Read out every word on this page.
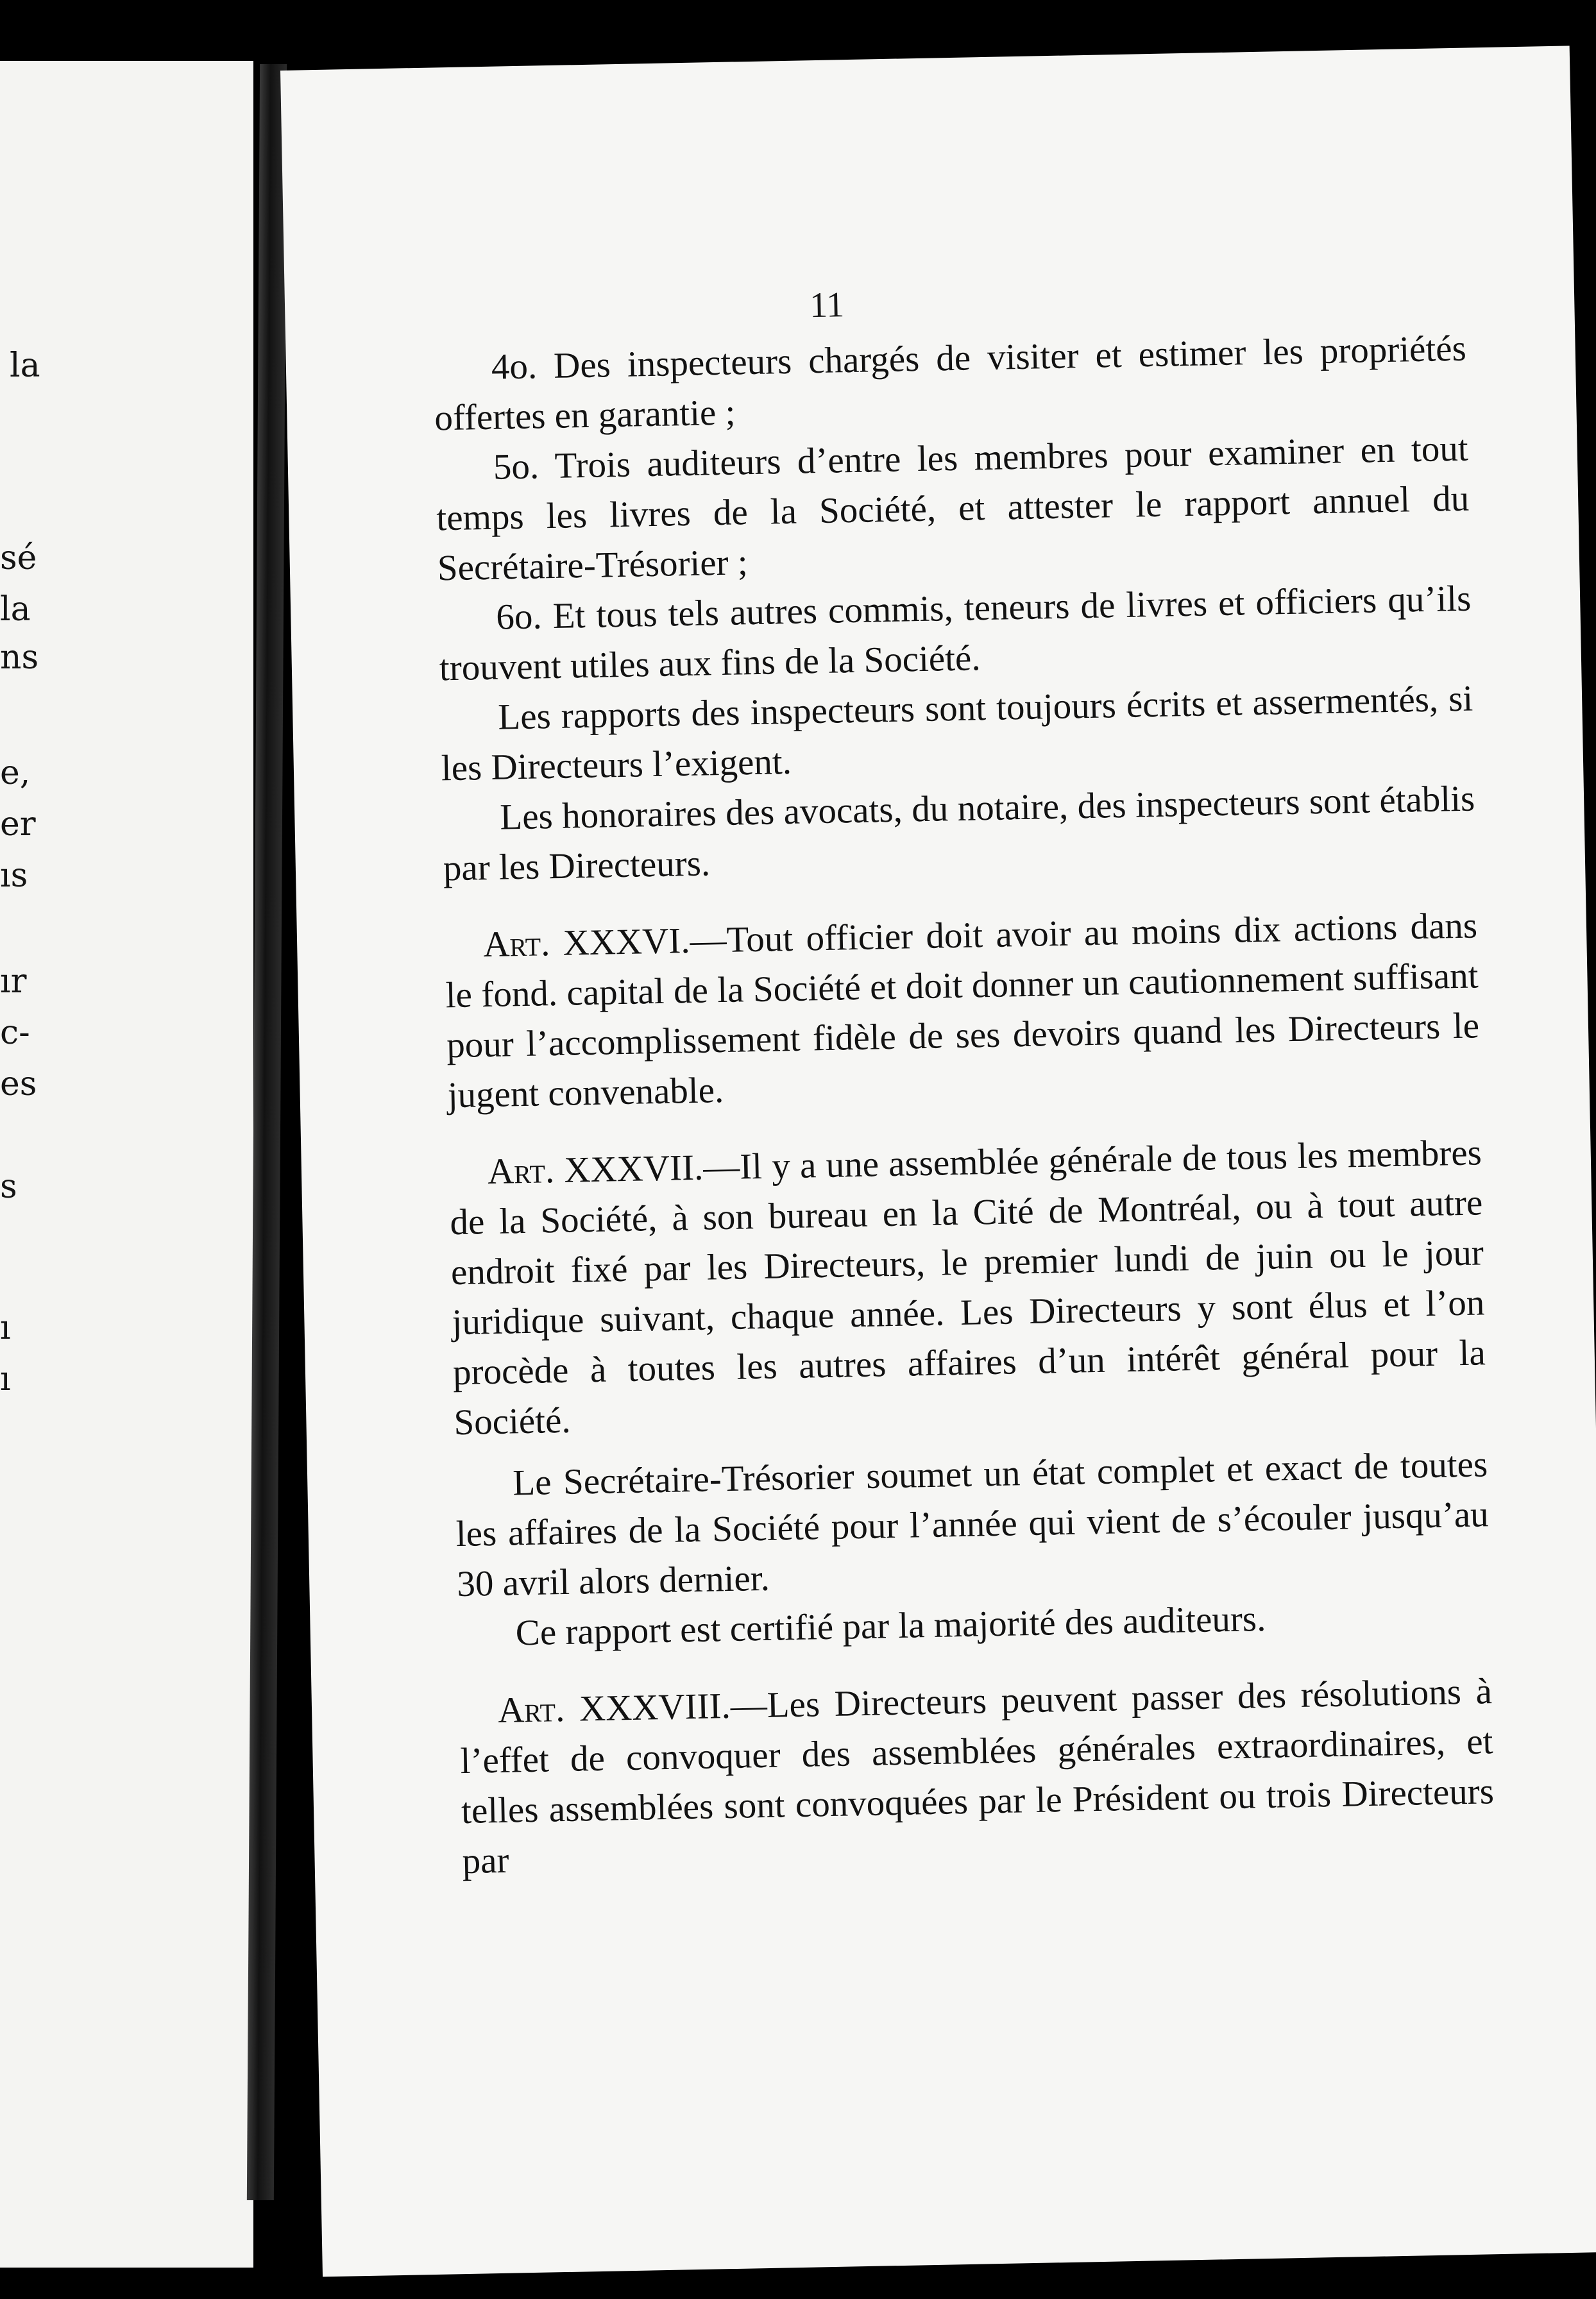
la
sé
la
ns
e,
er
ıs
ır
c-
es
s
ı
ı
11

4o. Des inspecteurs chargés de visiter et estimer les propriétés offertes en garantie ;

5o. Trois auditeurs d’entre les membres pour examiner en tout temps les livres de la Société, et attester le rapport annuel du Secrétaire-Trésorier ;

6o. Et tous tels autres commis, teneurs de livres et officiers qu’ils trouvent utiles aux fins de la Société.

Les rapports des inspecteurs sont toujours écrits et assermentés, si les Directeurs l’exigent.

Les honoraires des avocats, du notaire, des inspecteurs sont établis par les Directeurs.

Art. XXXVI.—Tout officier doit avoir au moins dix actions dans le fond. capital de la Société et doit donner un cautionnement suffisant pour l’accomplissement fidèle de ses devoirs quand les Directeurs le jugent convenable.

Art. XXXVII.—Il y a une assemblée générale de tous les membres de la Société, à son bureau en la Cité de Montréal, ou à tout autre endroit fixé par les Directeurs, le premier lundi de juin ou le jour juridique suivant, chaque année. Les Directeurs y sont élus et l’on procède à toutes les autres affaires d’un intérêt général pour la Société.

Le Secrétaire-Trésorier soumet un état complet et exact de toutes les affaires de la Société pour l’année qui vient de s’écouler jusqu’au 30 avril alors dernier.

Ce rapport est certifié par la majorité des auditeurs.

Art. XXXVIII.—Les Directeurs peuvent passer des résolutions à l’effet de convoquer des assemblées générales extraordinaires, et telles assemblées sont convoquées par le Président ou trois Directeurs par
